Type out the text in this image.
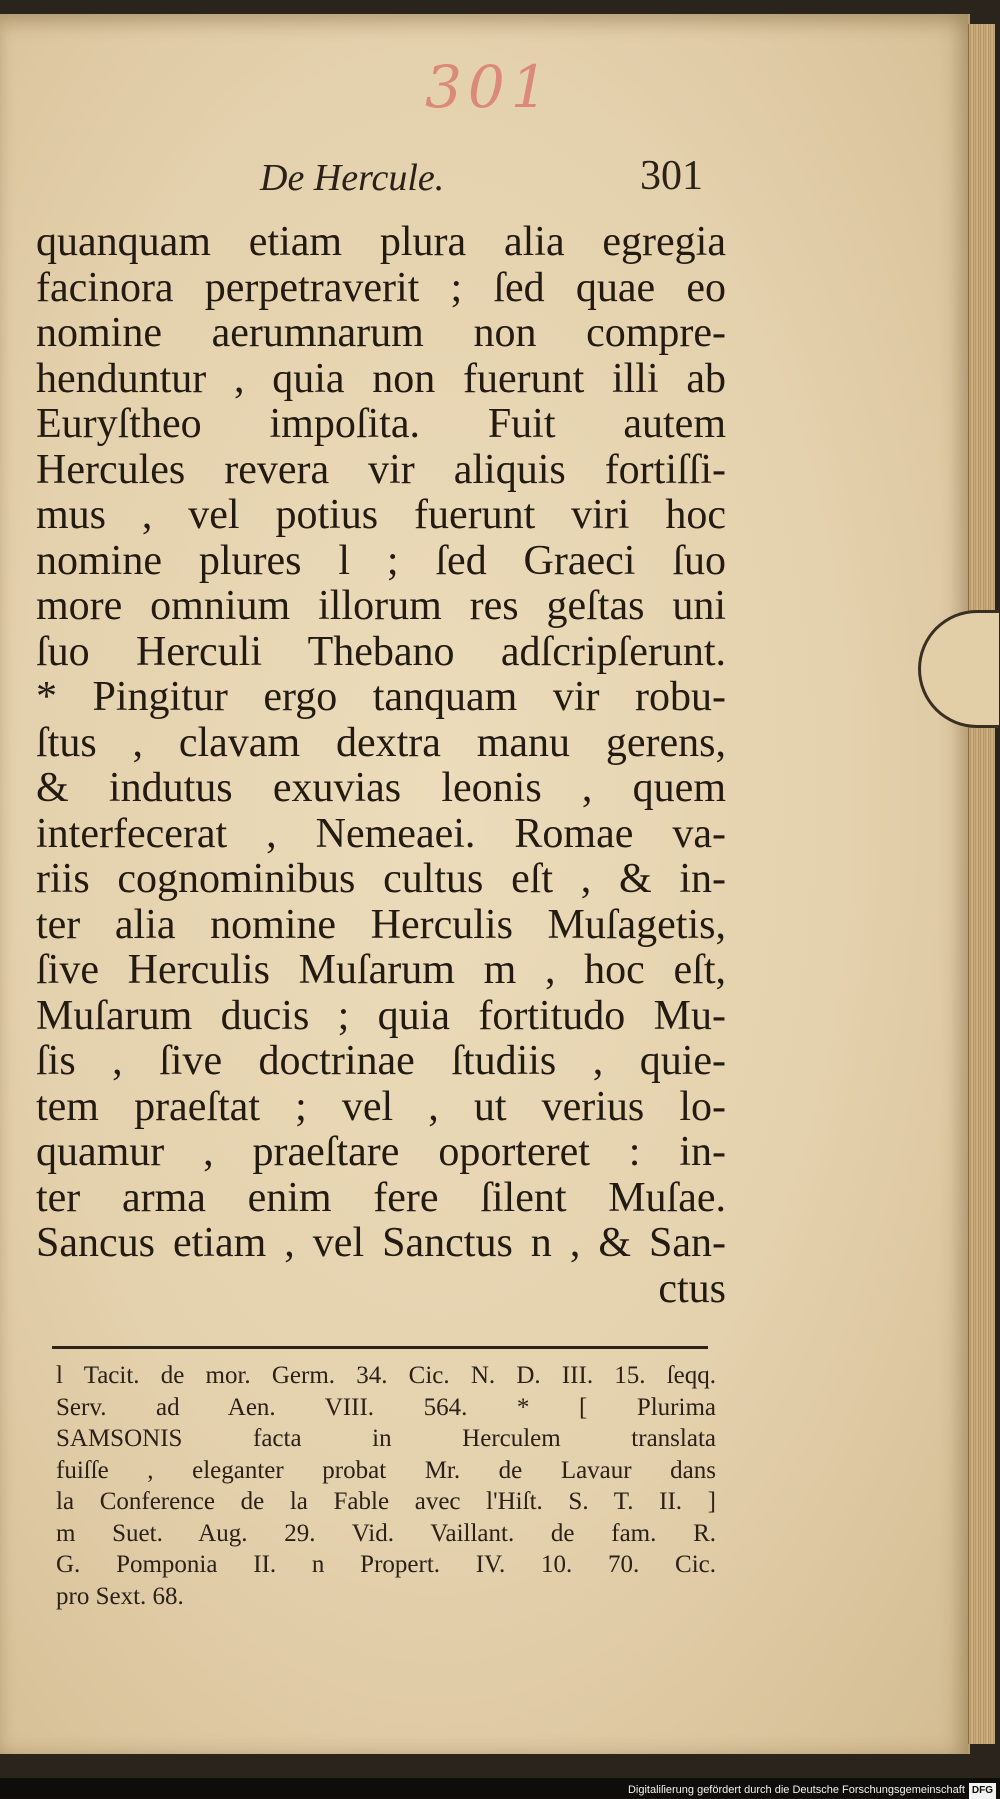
301
De Hercule.	301
quanquam etiam plura alia egregia
facinora perpetraverit ; ſed quae eo
nomine aerumnarum non compre-
henduntur , quia non fuerunt illi ab
Euryſtheo impoſita. Fuit autem
Hercules revera vir aliquis fortiſſi-
mus , vel potius fuerunt viri hoc
nomine plures l ; ſed Graeci ſuo
more omnium illorum res geſtas uni
ſuo Herculi Thebano adſcripſerunt.
* Pingitur ergo tanquam vir robu-
ſtus , clavam dextra manu gerens,
& indutus exuvias leonis , quem
interfecerat , Nemeaei. Romae va-
riis cognominibus cultus eſt , & in-
ter alia nomine Herculis Muſagetis,
ſive Herculis Muſarum m , hoc eſt,
Muſarum ducis ; quia fortitudo Mu-
ſis , ſive doctrinae ſtudiis , quie-
tem praeſtat ; vel , ut verius lo-
quamur , praeſtare oporteret : in-
ter arma enim fere ſilent Muſae.
Sancus etiam , vel Sanctus n , & San-
ctus
l Tacit. de mor. Germ. 34. Cic. N. D. III. 15. ſeqq.
Serv. ad Aen. VIII. 564. * [ Plurima
SAMSONIS facta in Herculem translata
fuiſſe , eleganter probat Mr. de Lavaur dans
la Conference de la Fable avec l'Hiſt. S. T. II. ]
m Suet. Aug. 29. Vid. Vaillant. de fam. R.
G. Pomponia II. n Propert. IV. 10. 70. Cic.
pro Sext. 68.
Digitaliſierung gefördert durch die Deutsche Forschungsgemeinschaft DFG
